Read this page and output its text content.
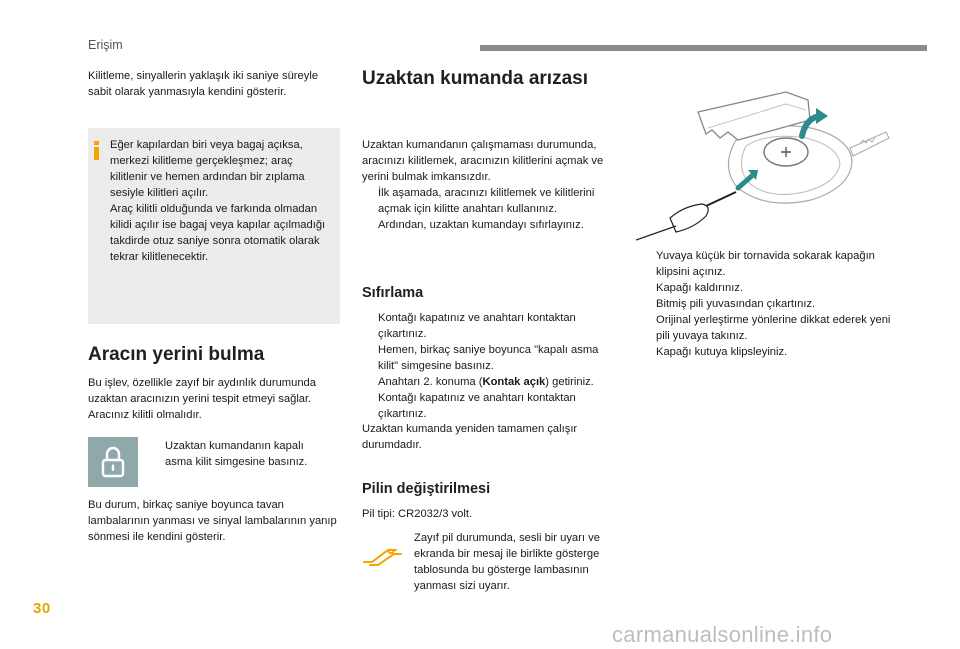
Erişim
Kilitleme, sinyallerin yaklaşık iki saniye süreyle sabit olarak yanmasıyla kendini gösterir.
Eğer kapılardan biri veya bagaj açıksa, merkezi kilitleme gerçekleşmez; araç kilitlenir ve hemen ardından bir zıplama sesiyle kilitleri açılır.
Araç kilitli olduğunda ve farkında olmadan kilidi açılır ise bagaj veya kapılar açılmadığı takdirde otuz saniye sonra otomatik olarak tekrar kilitlenecektir.
Aracın yerini bulma
Bu işlev, özellikle zayıf bir aydınlık durumunda uzaktan aracınızın yerini tespit etmeyi sağlar. Aracınız kilitli olmalıdır.
Uzaktan kumandanın kapalı asma kilit simgesine basınız.
Bu durum, birkaç saniye boyunca tavan lambalarının yanması ve sinyal lambalarının yanıp sönmesi ile kendini gösterir.
Uzaktan kumanda arızası
Uzaktan kumandanın çalışmaması durumunda, aracınızı kilitlemek, aracınızın kilitlerini açmak ve yerini bulmak imkansızdır.
İlk aşamada, aracınızı kilitlemek ve kilitlerini açmak için kilitte anahtarı kullanınız.
Ardından, uzaktan kumandayı sıfırlayınız.
Sıfırlama
Kontağı kapatınız ve anahtarı kontaktan çıkartınız.
Hemen, birkaç saniye boyunca "kapalı asma kilit" simgesine basınız.
Anahtarı 2. konuma (Kontak açık) getiriniz.
Kontağı kapatınız ve anahtarı kontaktan çıkartınız.
Uzaktan kumanda yeniden tamamen çalışır durumdadır.
Pilin değiştirilmesi
Pil tipi: CR2032/3 volt.
Zayıf pil durumunda, sesli bir uyarı ve ekranda bir mesaj ile birlikte gösterge tablosunda bu gösterge lambasının yanması sizi uyarır.
Yuvaya küçük bir tornavida sokarak kapağın klipsini açınız.
Kapağı kaldırınız.
Bitmiş pili yuvasından çıkartınız.
Orijinal yerleştirme yönlerine dikkat ederek yeni pili yuvaya takınız.
Kapağı kutuya klipsleyiniz.
30
carmanualsonline.info
